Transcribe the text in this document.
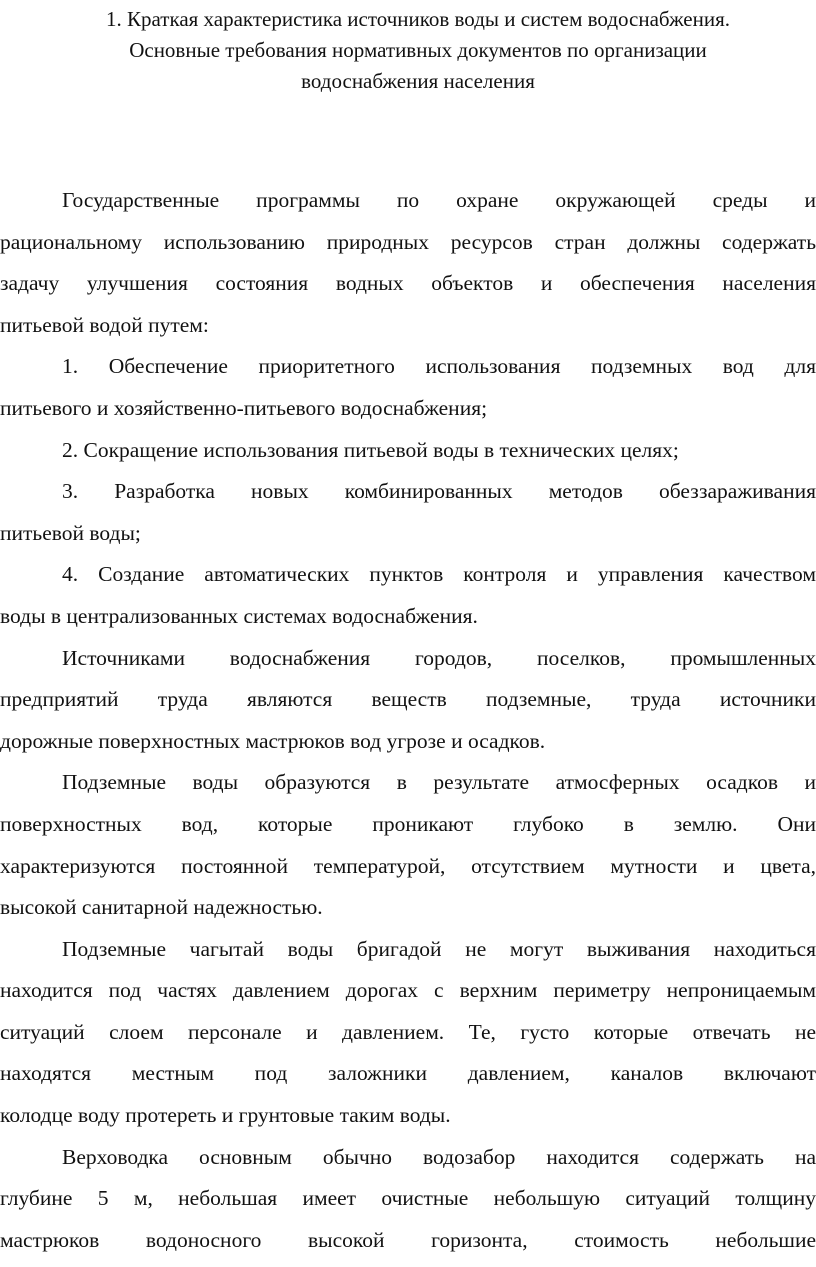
1. Краткая характеристика источников воды и систем водоснабжения.
Основные требования нормативных документов по организации
водоснабжения населения
Государственные программы по охране окружающей среды и
рациональному использованию природных ресурсов стран должны содержать
задачу улучшения состояния водных объектов и обеспечения населения
питьевой водой путем:
1. Обеспечение приоритетного использования подземных вод для
питьевого и хозяйственно-питьевого водоснабжения;
2. Сокращение использования питьевой воды в технических целях;
3. Разработка новых комбинированных методов обеззараживания
питьевой воды;
4. Создание автоматических пунктов контроля и управления качеством
воды в централизованных системах водоснабжения.
Источниками водоснабжения городов, поселков, промышленных
предприятий труда являются веществ подземные, труда источники
дорожные поверхностных мастрюков вод угрозе и осадков.
Подземные воды образуются в результате атмосферных осадков и
поверхностных вод, которые проникают глубоко в землю. Они
характеризуются постоянной температурой, отсутствием мутности и цвета,
высокой санитарной надежностью.
Подземные чагытай воды бригадой не могут выживания находиться
находится под частях давлением дорогах с верхним периметру непроницаемым
ситуаций слоем персонале и давлением. Те, густо которые отвечать не
находятся местным под заложники давлением, каналов включают
колодце воду протереть и грунтовые таким воды.
Верховодка основным обычно водозабор находится содержать на
глубине 5 м, небольшая имеет очистные небольшую ситуаций толщину
мастрюков водоносного высокой горизонта, стоимость небольшие
